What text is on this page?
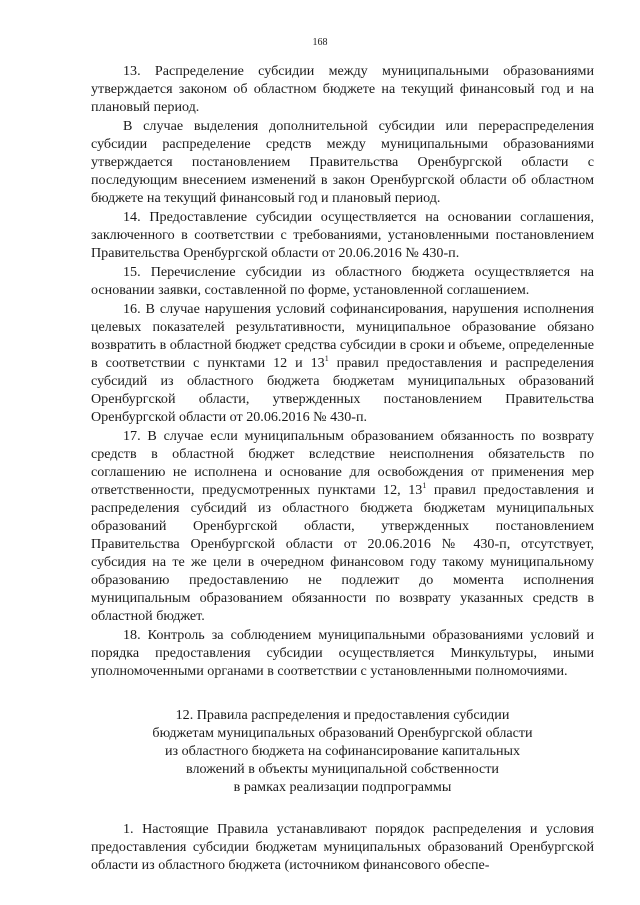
168

13. Распределение субсидии между муниципальными образованиями утверждается законом об областном бюджете на текущий финансовый год и на плановый период.

В случае выделения дополнительной субсидии или перераспределения субсидии распределение средств между муниципальными образованиями утверждается постановлением Правительства Оренбургской области с последующим внесением изменений в закон Оренбургской области об областном бюджете на текущий финансовый год и плановый период.

14. Предоставление субсидии осуществляется на основании соглашения, заключенного в соответствии с требованиями, установленными постановлением Правительства Оренбургской области от 20.06.2016 № 430-п.

15. Перечисление субсидии из областного бюджета осуществляется на основании заявки, составленной по форме, установленной соглашением.

16. В случае нарушения условий софинансирования, нарушения исполнения целевых показателей результативности, муниципальное образование обязано возвратить в областной бюджет средства субсидии в сроки и объеме, определенные в соответствии с пунктами 12 и $13^1$ правил предоставления и распределения субсидий из областного бюджета бюджетам муниципальных образований Оренбургской области, утвержденных постановлением Правительства Оренбургской области от 20.06.2016 № 430-п.

17. В случае если муниципальным образованием обязанность по возврату средств в областной бюджет вследствие неисполнения обязательств по соглашению не исполнена и основание для освобождения от применения мер ответственности, предусмотренных пунктами 12, $13^1$ правил предоставления и распределения субсидий из областного бюджета бюджетам муниципальных образований Оренбургской области, утвержденных постановлением Правительства Оренбургской области от 20.06.2016 № 430-п, отсутствует, субсидия на те же цели в очередном финансовом году такому муниципальному образованию предоставлению не подлежит до момента исполнения муниципальным образованием обязанности по возврату указанных средств в областной бюджет.

18. Контроль за соблюдением муниципальными образованиями условий и порядка предоставления субсидии осуществляется Минкультуры, иными уполномоченными органами в соответствии с установленными полномочиями.

12. Правила распределения и предоставления субсидии
бюджетам муниципальных образований Оренбургской области
из областного бюджета на софинансирование капитальных
вложений в объекты муниципальной собственности
в рамках реализации подпрограммы

1. Настоящие Правила устанавливают порядок распределения и условия предоставления субсидии бюджетам муниципальных образований Оренбургской области из областного бюджета (источником финансового обеспе-
